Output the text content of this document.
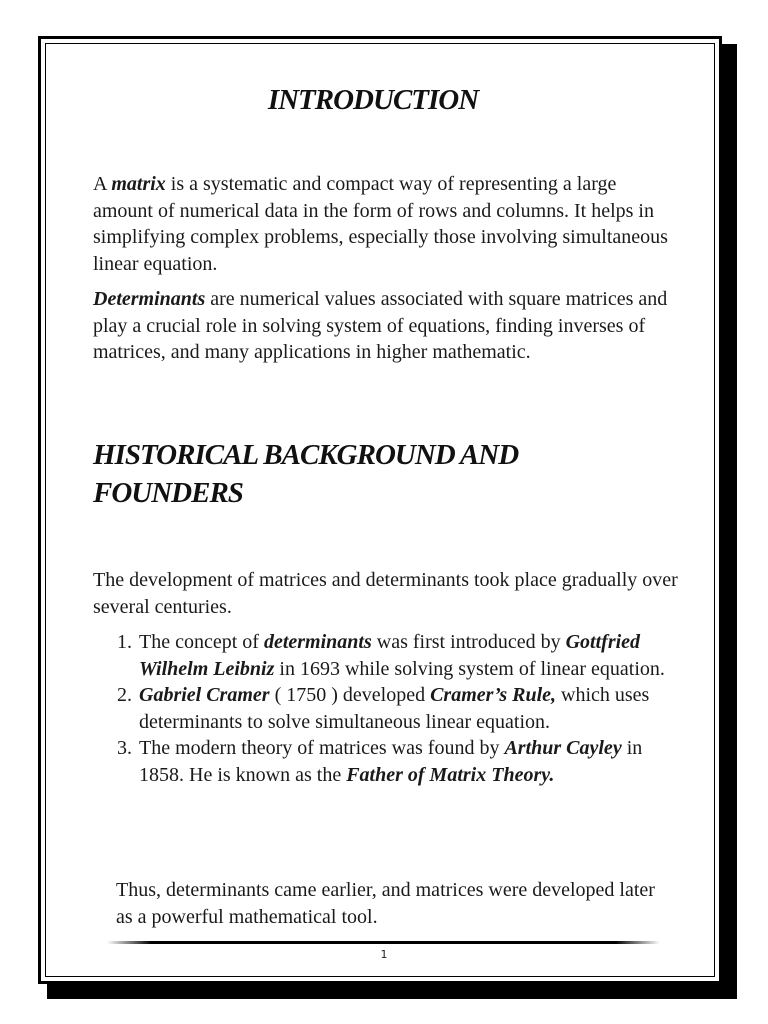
INTRODUCTION

A matrix is a systematic and compact way of representing a large amount of numerical data in the form of rows and columns. It helps in simplifying complex problems, especially those involving simultaneous linear equation.

Determinants are numerical values associated with square matrices and play a crucial role in solving system of equations, finding inverses of matrices, and many applications in higher mathematic.

HISTORICAL BACKGROUND AND FOUNDERS

The development of matrices and determinants took place gradually over several centuries.

1. The concept of determinants was first introduced by Gottfried Wilhelm Leibniz in 1693 while solving system of linear equation.
2. Gabriel Cramer ( 1750 ) developed Cramer’s Rule, which uses determinants to solve simultaneous linear equation.
3. The modern theory of matrices was found by Arthur Cayley in 1858. He is known as the Father of Matrix Theory.

Thus, determinants came earlier, and matrices were developed later as a powerful mathematical tool.

1
